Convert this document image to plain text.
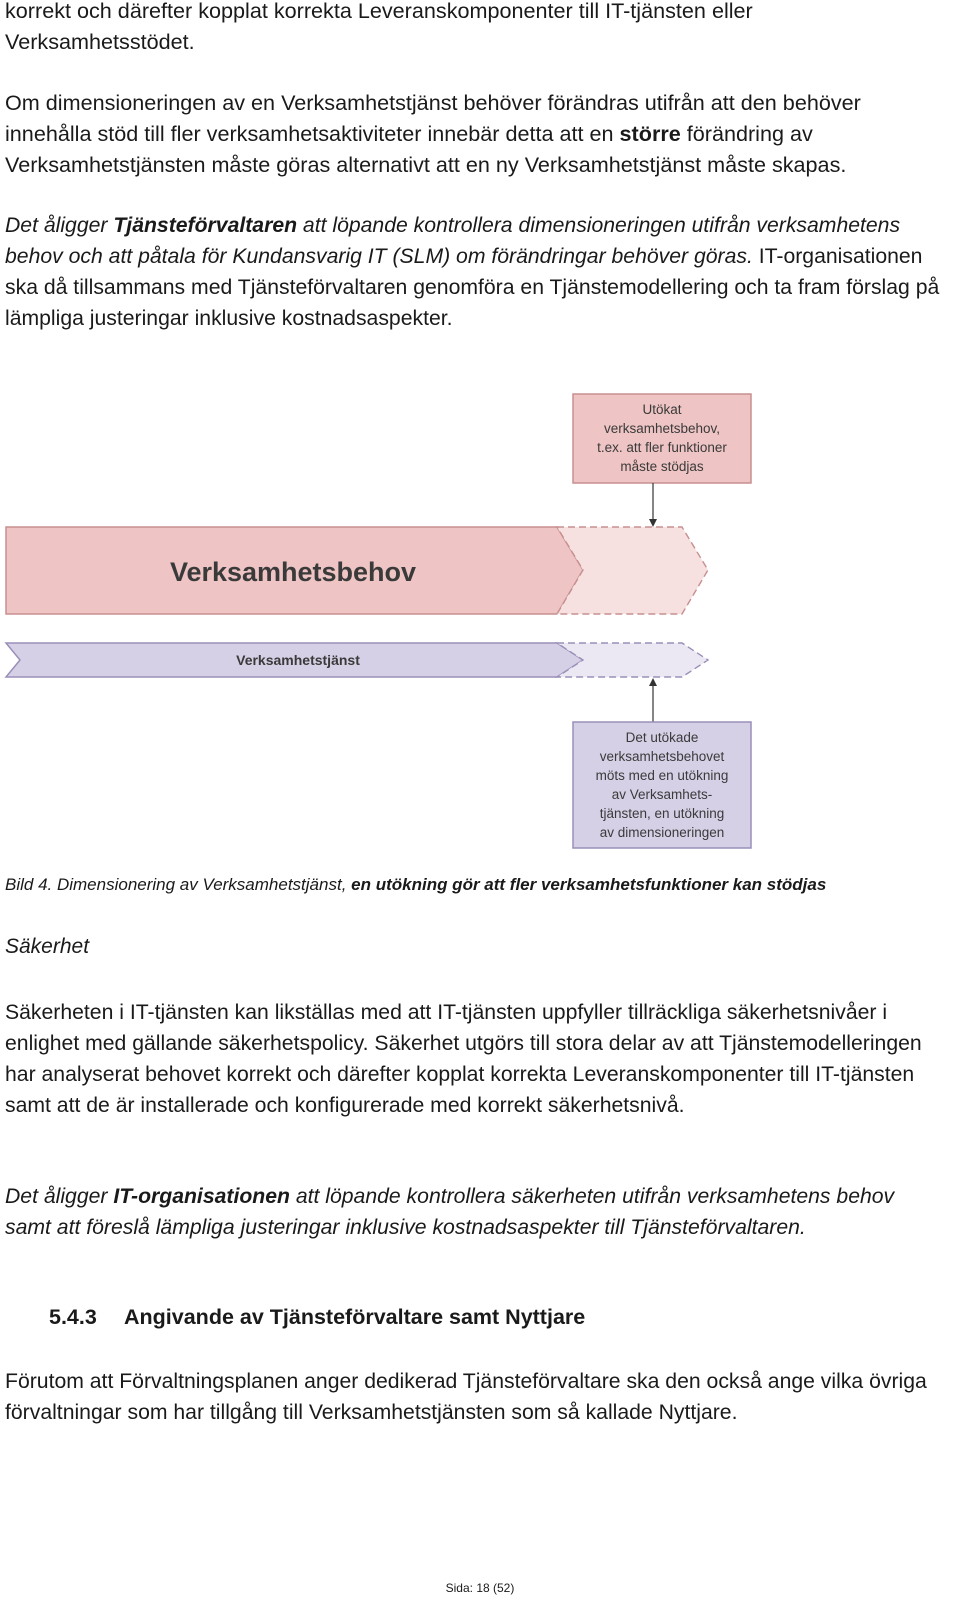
korrekt och därefter kopplat korrekta Leveranskomponenter till IT-tjänsten eller
Verksamhetsstödet.

Om dimensioneringen av en Verksamhetstjänst behöver förändras utifrån att den behöver innehålla stöd till fler verksamhetsaktiviteter innebär detta att en större förändring av Verksamhetstjänsten måste göras alternativt att en ny Verksamhetstjänst måste skapas.

Det åligger Tjänsteförvaltaren att löpande kontrollera dimensioneringen utifrån verksamhetens behov och att påtala för Kundansvarig IT (SLM) om förändringar behöver göras. IT-organisationen ska då tillsammans med Tjänsteförvaltaren genomföra en Tjänstemodellering och ta fram förslag på lämpliga justeringar inklusive kostnadsaspekter.

Utökat
verksamhetsbehov,
t.ex. att fler funktioner
måste stödjas
Verksamhetsbehov
Verksamhetstjänst
Det utökade
verksamhetsbehovet
möts med en utökning
av Verksamhets-
tjänsten, en utökning
av dimensioneringen
Bild 4. Dimensionering av Verksamhetstjänst, en utökning gör att fler verksamhetsfunktioner kan stödjas
Säkerhet

Säkerheten i IT-tjänsten kan likställas med att IT-tjänsten uppfyller tillräckliga säkerhetsnivåer i enlighet med gällande säkerhetspolicy. Säkerhet utgörs till stora delar av att Tjänstemodelleringen har analyserat behovet korrekt och därefter kopplat korrekta Leveranskomponenter till IT-tjänsten samt att de är installerade och konfigurerade med korrekt säkerhetsnivå.

Det åligger IT-organisationen att löpande kontrollera säkerheten utifrån verksamhetens behov samt att föreslå lämpliga justeringar inklusive kostnadsaspekter till Tjänsteförvaltaren.

5.4.3 Angivande av Tjänsteförvaltare samt Nyttjare

Förutom att Förvaltningsplanen anger dedikerad Tjänsteförvaltare ska den också ange vilka övriga förvaltningar som har tillgång till Verksamhetstjänsten som så kallade Nyttjare.

Sida: 18 (52)
